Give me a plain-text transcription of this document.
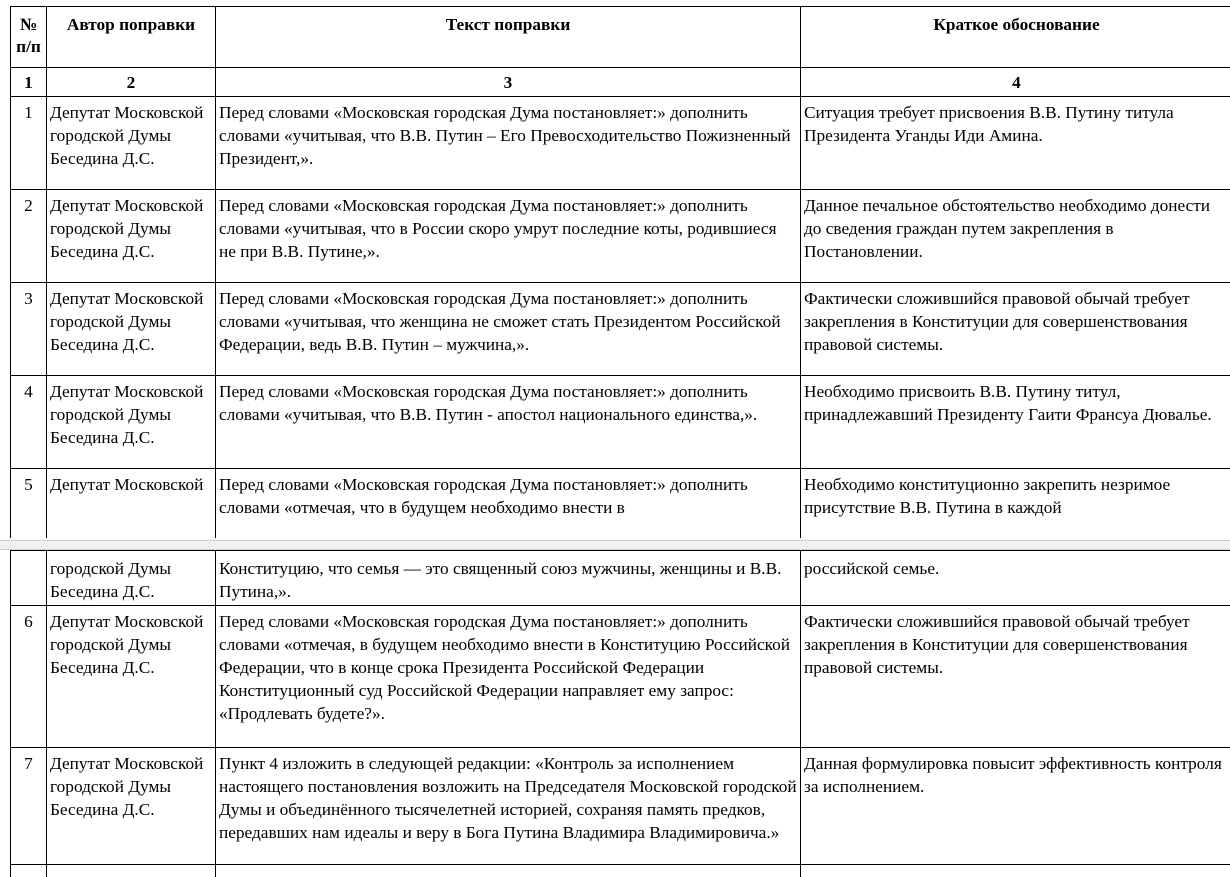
№ п/п	Автор поправки	Текст поправки	Краткое обоснование
1	2	3	4
1	Депутат Московской городской Думы Беседина Д.С.	Перед словами «Московская городская Дума постановляет:» дополнить словами «учитывая, что В.В. Путин – Его Превосходительство Пожизненный Президент,».	Ситуация требует присвоения В.В. Путину титула Президента Уганды Иди Амина.
2	Депутат Московской городской Думы Беседина Д.С.	Перед словами «Московская городская Дума постановляет:» дополнить словами «учитывая, что в России скоро умрут последние коты, родившиеся не при В.В. Путине,».	Данное печальное обстоятельство необходимо донести до сведения граждан путем закрепления в Постановлении.
3	Депутат Московской городской Думы Беседина Д.С.	Перед словами «Московская городская Дума постановляет:» дополнить словами «учитывая, что женщина не сможет стать Президентом Российской Федерации, ведь В.В. Путин – мужчина,».	Фактически сложившийся правовой обычай требует закрепления в Конституции для совершенствования правовой системы.
4	Депутат Московской городской Думы Беседина Д.С.	Перед словами «Московская городская Дума постановляет:» дополнить словами «учитывая, что В.В. Путин - апостол национального единства,».	Необходимо присвоить В.В. Путину титул, принадлежавший Президенту Гаити Франсуа Дювалье.
5	Депутат Московской	Перед словами «Московская городская Дума постановляет:» дополнить словами «отмечая, что в будущем необходимо внести в	Необходимо конституционно закрепить незримое присутствие В.В. Путина в каждой
	городской Думы Беседина Д.С.	Конституцию, что семья — это священный союз мужчины, женщины и В.В. Путина,».	российской семье.
6	Депутат Московской городской Думы Беседина Д.С.	Перед словами «Московская городская Дума постановляет:» дополнить словами «отмечая, в будущем необходимо внести в Конституцию Российской Федерации, что в конце срока Президента Российской Федерации Конституционный суд Российской Федерации направляет ему запрос: «Продлевать будете?».	Фактически сложившийся правовой обычай требует закрепления в Конституции для совершенствования правовой системы.
7	Депутат Московской городской Думы Беседина Д.С.	Пункт 4 изложить в следующей редакции: «Контроль за исполнением настоящего постановления возложить на Председателя Московской городской Думы и объединённого тысячелетней историей, сохраняя память предков, передавших нам идеалы и веру в Бога Путина Владимира Владимировича.»	Данная формулировка повысит эффективность контроля за исполнением.
